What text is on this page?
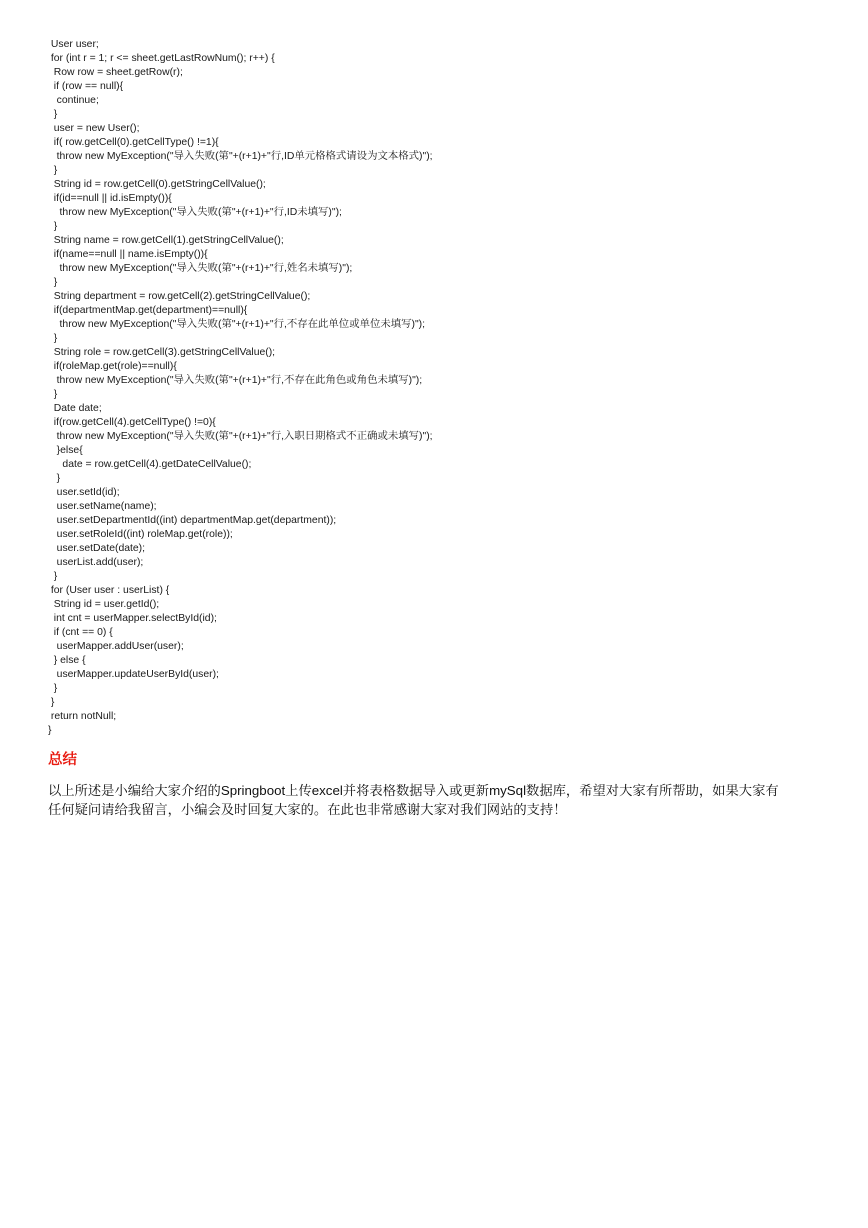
User user;
for (int r = 1; r <= sheet.getLastRowNum(); r++) {
Row row = sheet.getRow(r);
if (row == null){
continue;
}
user = new User();
if( row.getCell(0).getCellType() !=1){
throw new MyException("导入失败(第"+(r+1)+"行,ID单元格格式请设为文本格式)");
}
String id = row.getCell(0).getStringCellValue();
if(id==null || id.isEmpty()){
throw new MyException("导入失败(第"+(r+1)+"行,ID未填写)");
}
String name = row.getCell(1).getStringCellValue();
if(name==null || name.isEmpty()){
throw new MyException("导入失败(第"+(r+1)+"行,姓名未填写)");
}
String department = row.getCell(2).getStringCellValue();
if(departmentMap.get(department)==null){
throw new MyException("导入失败(第"+(r+1)+"行,不存在此单位或单位未填写)");
}
String role = row.getCell(3).getStringCellValue();
if(roleMap.get(role)==null){
throw new MyException("导入失败(第"+(r+1)+"行,不存在此角色或角色未填写)");
}
Date date;
if(row.getCell(4).getCellType() !=0){
throw new MyException("导入失败(第"+(r+1)+"行,入职日期格式不正确或未填写)");
}else{
date = row.getCell(4).getDateCellValue();
}
user.setId(id);
user.setName(name);
user.setDepartmentId((int) departmentMap.get(department));
user.setRoleId((int) roleMap.get(role));
user.setDate(date);
userList.add(user);
}
for (User user : userList) {
String id = user.getId();
int cnt = userMapper.selectById(id);
if (cnt == 0) {
userMapper.addUser(user);
} else {
userMapper.updateUserById(user);
}
}
return notNull;
}
总结
以上所述是小编给大家介绍的Springboot上传excel并将表格数据导入或更新mySql数据库，希望对大家有所帮助，如果大家有
任何疑问请给我留言，小编会及时回复大家的。在此也非常感谢大家对我们网站的支持！
